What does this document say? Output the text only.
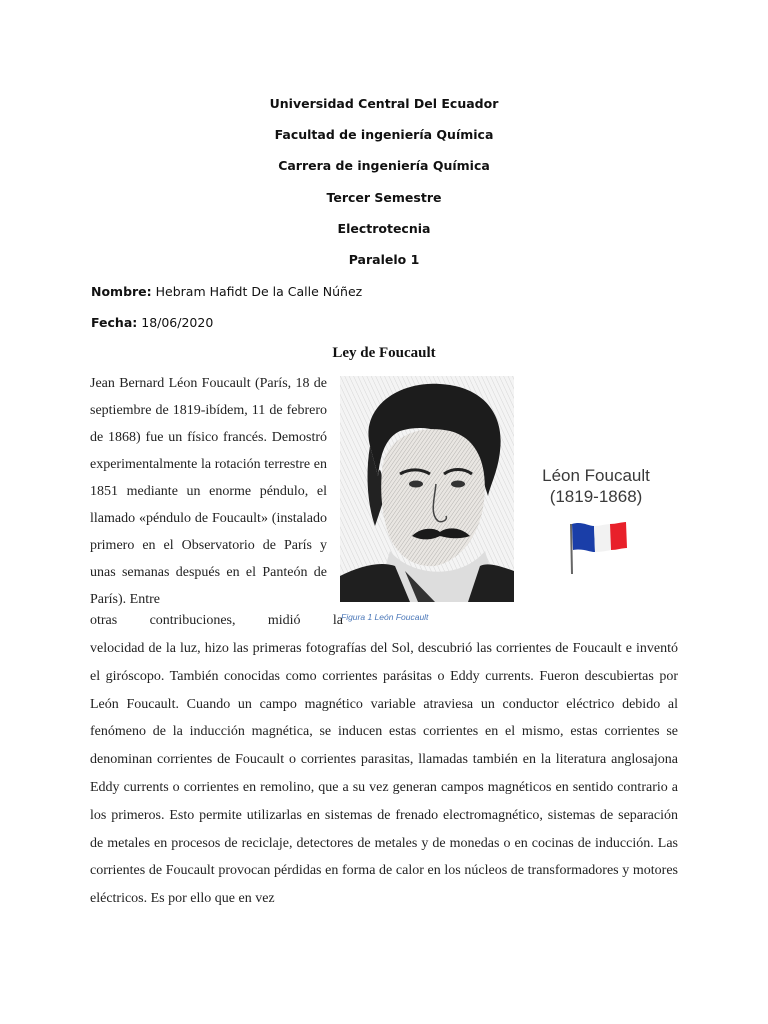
Universidad Central Del Ecuador
Facultad de ingeniería Química
Carrera de ingeniería Química
Tercer Semestre
Electrotecnia
Paralelo 1
Nombre: Hebram Hafidt De la Calle Núñez
Fecha: 18/06/2020
Ley de Foucault
Jean Bernard Léon Foucault (París, 18 de septiembre de 1819-ibídem, 11 de febrero de 1868) fue un físico francés. Demostró experimentalmente la rotación terrestre en 1851 mediante un enorme péndulo, el llamado «péndulo de Foucault» (instalado primero en el Observatorio de París y unas semanas después en el Panteón de París). Entre
Léon Foucault
(1819-1868)
Figura 1 León Foucault
otras contribuciones, midió la
velocidad de la luz, hizo las primeras fotografías del Sol, descubrió las corrientes de Foucault e inventó el giróscopo. También conocidas como corrientes parásitas o Eddy currents. Fueron descubiertas por León Foucault. Cuando un campo magnético variable atraviesa un conductor eléctrico debido al fenómeno de la inducción magnética, se inducen estas corrientes en el mismo, estas corrientes se denominan corrientes de Foucault o corrientes parasitas, llamadas también en la literatura anglosajona Eddy currents o corrientes en remolino, que a su vez generan campos magnéticos en sentido contrario a los primeros. Esto permite utilizarlas en sistemas de frenado electromagnético, sistemas de separación de metales en procesos de reciclaje, detectores de metales y de monedas o en cocinas de inducción. Las corrientes de Foucault provocan pérdidas en forma de calor en los núcleos de transformadores y motores eléctricos. Es por ello que en vez
